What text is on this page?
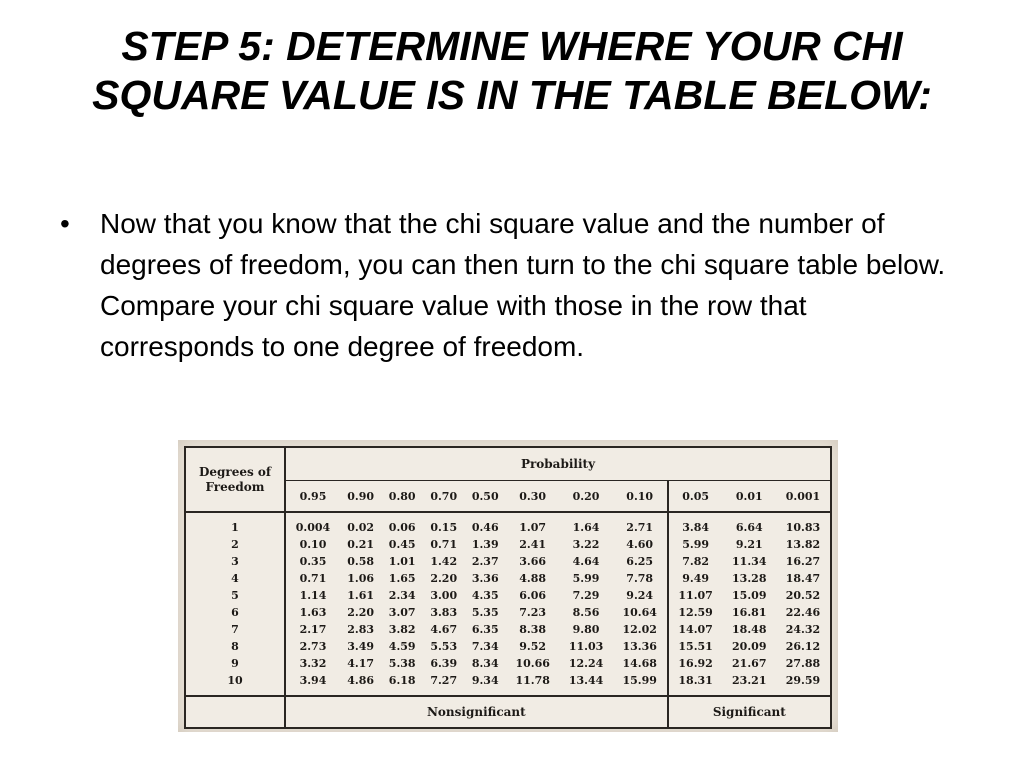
STEP 5: DETERMINE WHERE YOUR CHI SQUARE VALUE IS IN THE TABLE BELOW:
• Now that you know that the chi square value and the number of degrees of freedom, you can then turn to the chi square table below. Compare your chi square value with those in the row that corresponds to one degree of freedom.
Degrees of Freedom	Probability										
	0.95	0.90	0.80	0.70	0.50	0.30	0.20	0.10	0.05	0.01	0.001
1	0.004	0.02	0.06	0.15	0.46	1.07	1.64	2.71	3.84	6.64	10.83
2	0.10	0.21	0.45	0.71	1.39	2.41	3.22	4.60	5.99	9.21	13.82
3	0.35	0.58	1.01	1.42	2.37	3.66	4.64	6.25	7.82	11.34	16.27
4	0.71	1.06	1.65	2.20	3.36	4.88	5.99	7.78	9.49	13.28	18.47
5	1.14	1.61	2.34	3.00	4.35	6.06	7.29	9.24	11.07	15.09	20.52
6	1.63	2.20	3.07	3.83	5.35	7.23	8.56	10.64	12.59	16.81	22.46
7	2.17	2.83	3.82	4.67	6.35	8.38	9.80	12.02	14.07	18.48	24.32
8	2.73	3.49	4.59	5.53	7.34	9.52	11.03	13.36	15.51	20.09	26.12
9	3.32	4.17	5.38	6.39	8.34	10.66	12.24	14.68	16.92	21.67	27.88
10	3.94	4.86	6.18	7.27	9.34	11.78	13.44	15.99	18.31	23.21	29.59
	Nonsignificant								Significant		
